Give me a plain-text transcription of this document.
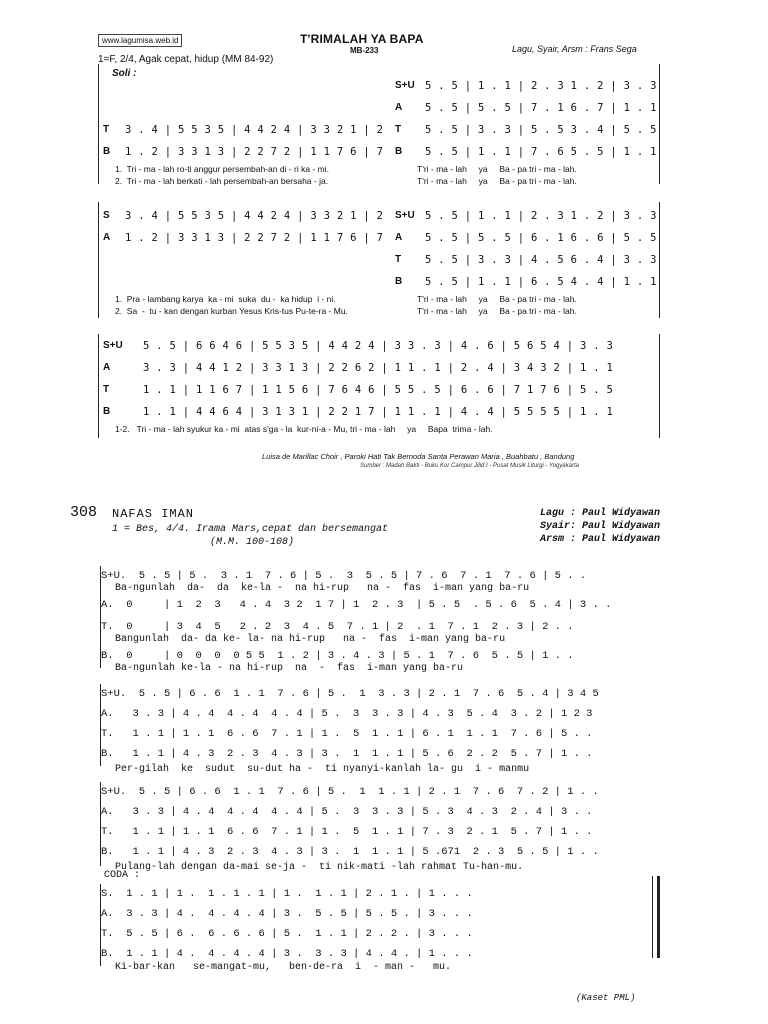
www.lagumisa.web.id	T'RIMALAH YA BAPA
MB-233	Lagu, Syair, Arsm : Frans Sega
1=F, 2/4, Agak cepat, hidup (MM 84-92)
Soli :
T
B
3 . 4 | 5 5 3 5 | 4 4 2 4 | 3 3 2 1 | 2
1 . 2 | 3 3 1 3 | 2 2 7 2 | 1 1 7 6 | 7
S+U
A
T
B
5 . 5 | 1 . 1 | 2 . 3 1 . 2 | 3 . 3
5 . 5 | 5 . 5 | 7 . 1 6 . 7 | 1 . 1
5 . 5 | 3 . 3 | 5 . 5 3 . 4 | 5 . 5
5 . 5 | 1 . 1 | 7 . 6 5 . 5 | 1 . 1
1.  Tri - ma - lah ro-ti anggur persembah-an di - ri ka - mi.
2.  Tri - ma - lah berkati - lah persembah-an bersaha - ja.
T'ri - ma - lah     ya     Ba - pa tri - ma - lah.
T'ri - ma - lah     ya     Ba - pa tri - ma - lah.
S
A
3 . 4 | 5 5 3 5 | 4 4 2 4 | 3 3 2 1 | 2
1 . 2 | 3 3 1 3 | 2 2 7 2 | 1 1 7 6 | 7
S+U
A
T
B
5 . 5 | 1 . 1 | 2 . 3 1 . 2 | 3 . 3
5 . 5 | 5 . 5 | 6 . 1 6 . 6 | 5 . 5
5 . 5 | 3 . 3 | 4 . 5 6 . 4 | 3 . 3
5 . 5 | 1 . 1 | 6 . 5 4 . 4 | 1 . 1
1.  Pra - lambang karya  ka - mi  suka  du -  ka hidup  i - ni.
2.  Sa  -  tu - kan dengan kurban Yesus Kris-tus Pu-te-ra - Mu.
T'ri - ma - lah     ya     Ba - pa tri - ma - lah.
T'ri - ma - lah     ya     Ba - pa tri - ma - lah.
S+U
A
T
B
5 . 5 | 6 6 4 6 | 5 5 3 5 | 4 4 2 4 | 3 3 . 3 | 4 . 6 | 5 6 5 4 | 3 . 3
3 . 3 | 4 4 1 2 | 3 3 1 3 | 2 2 6 2 | 1 1 . 1 | 2 . 4 | 3 4 3 2 | 1 . 1
1 . 1 | 1 1 6 7 | 1 1 5 6 | 7 6 4 6 | 5 5 . 5 | 6 . 6 | 7 1 7 6 | 5 . 5
1 . 1 | 4 4 6 4 | 3 1 3 1 | 2 2 1 7 | 1 1 . 1 | 4 . 4 | 5 5 5 5 | 1 . 1
1-2.   Tri - ma - lah syukur ka - mi  atas s'ga - la  kur-ni-a - Mu, tri - ma - lah     ya     Bapa  trima - lah.
Luisa de Marillac Choir , Paroki Hati Tak Bernoda Santa Perawan Maria , Buahbatu , Bandung
Sumber : Madah Bakti - Buku Kor Campur Jilid I - Pusat Musik Liturgi - Yogyakarta
308 NAFAS IMAN
1 = Bes, 4/4. Irama Mars,cepat dan bersemangat
(M.M. 100-108)
Lagu : Paul Widyawan
Syair: Paul Widyawan
Arsm : Paul Widyawan
S+U.  5 . 5 | 5 .  3 . 1  7 . 6 | 5 .  3  5 . 5 | 7 . 6  7 . 1  7 . 6 | 5 . .
Ba-ngunlah  da-  da  ke-la -  na hi-rup   na -  fas  i-man yang ba-ru
A.  0     | 1  2  3   4 . 4  3 2  1 7 | 1  2 . 3  | 5 . 5  . 5 . 6  5 . 4 | 3 . .
T.  0     | 3  4  5   2 . 2  3  4 . 5  7 . 1 | 2  . 1  7 . 1  2 . 3 | 2 . .
Bangunlah  da- da ke- la- na hi-rup   na -  fas  i-man yang ba-ru
B.  0     | 0  0  0  0 5 5  1 . 2 | 3 . 4 . 3 | 5 . 1  7 . 6  5 . 5 | 1 . .
Ba-ngunlah ke-la - na hi-rup  na  -  fas  i-man yang ba-ru
S+U.  5 . 5 | 6 . 6  1 . 1  7 . 6 | 5 .  1  3 . 3 | 2 . 1  7 . 6  5 . 4 | 3 4 5
A.   3 . 3 | 4 . 4  4 . 4  4 . 4 | 5 .  3  3 . 3 | 4 . 3  5 . 4  3 . 2 | 1 2 3
T.   1 . 1 | 1 . 1  6 . 6  7 . 1 | 1 .  5  1 . 1 | 6 . 1  1 . 1  7 . 6 | 5 . .
B.   1 . 1 | 4 . 3  2 . 3  4 . 3 | 3 .  1  1 . 1 | 5 . 6  2 . 2  5 . 7 | 1 . .
Per-gilah  ke  sudut  su-dut ha -  ti nyanyi-kanlah la- gu  i - manmu
S+U.  5 . 5 | 6 . 6  1 . 1  7 . 6 | 5 .  1  1 . 1 | 2 . 1  7 . 6  7 . 2 | 1 . .
A.   3 . 3 | 4 . 4  4 . 4  4 . 4 | 5 .  3  3 . 3 | 5 . 3  4 . 3  2 . 4 | 3 . .
T.   1 . 1 | 1 . 1  6 . 6  7 . 1 | 1 .  5  1 . 1 | 7 . 3  2 . 1  5 . 7 | 1 . .
B.   1 . 1 | 4 . 3  2 . 3  4 . 3 | 3 .  1  1 . 1 | 5 .671  2 . 3  5 . 5 | 1 . .
Pulang-lah dengan da-mai se-ja -  ti nik-mati -lah rahmat Tu-han-mu.
CODA :
S.  1 . 1 | 1 .  1 . 1 . 1 | 1 .  1 . 1 | 2 . 1 . | 1 . . .
A.  3 . 3 | 4 .  4 . 4 . 4 | 3 .  5 . 5 | 5 . 5 . | 3 . . .
T.  5 . 5 | 6 .  6 . 6 . 6 | 5 .  1 . 1 | 2 . 2 . | 3 . . .
B.  1 . 1 | 4 .  4 . 4 . 4 | 3 .  3 . 3 | 4 . 4 . | 1 . . .
Ki-bar-kan   se-mangat-mu,   ben-de-ra  i  - man -   mu.
(Kaset PML)
